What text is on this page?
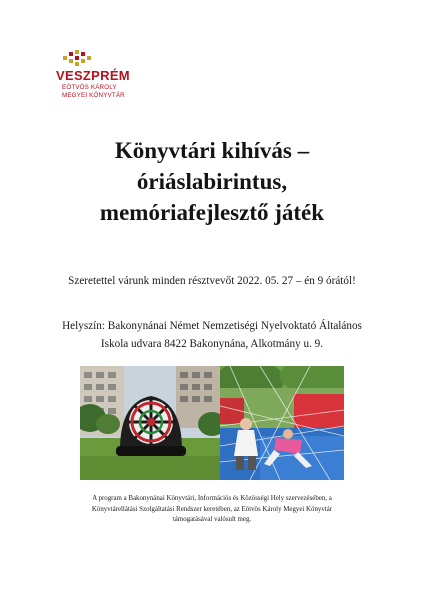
VESZPRÉM
EÖTVÖS KÁROLY
MEGYEI KÖNYVTÁR
Könyvtári kihívás –
óriáslabirintus,
memóriafejlesztő játék
Szeretettel várunk minden résztvevőt 2022. 05. 27 – én 9 órától!
Helyszín: Bakonynánai Német Nemzetiségi Nyelvoktató Általános
Iskola udvara 8422 Bakonynána, Alkotmány u. 9.
A program a Bakonynánai Könyvtári, Információs és Közösségi Hely szervezésében, a
Könyvtárellátási Szolgáltatási Rendszer keretében, az Eötvös Károly Megyei Könyvtár
támogatásával valósult meg.
